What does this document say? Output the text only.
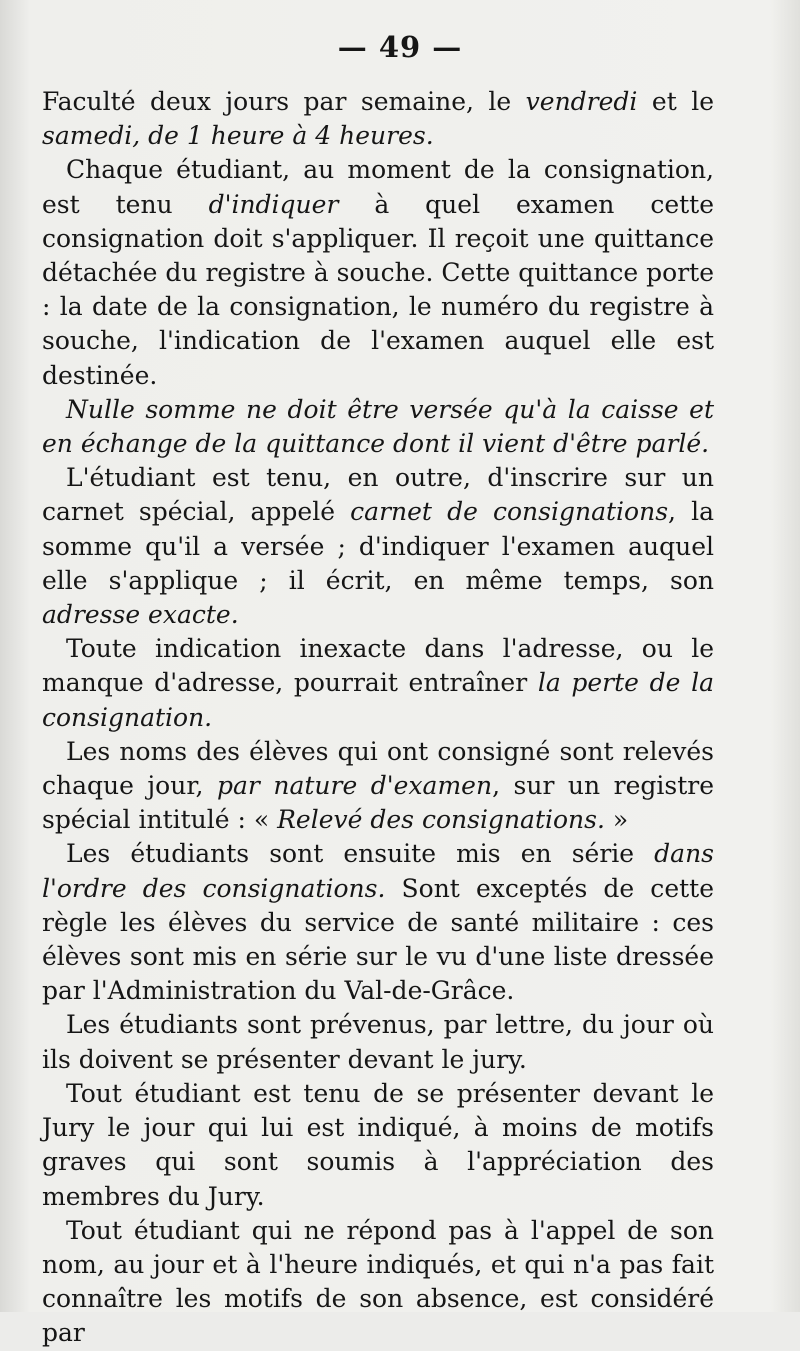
— 49 —

Faculté deux jours par semaine, le vendredi et le samedi, de 1 heure à 4 heures.

Chaque étudiant, au moment de la consignation, est tenu d'indiquer à quel examen cette consignation doit s'appliquer. Il reçoit une quittance détachée du registre à souche. Cette quittance porte : la date de la consignation, le numéro du registre à souche, l'indication de l'examen auquel elle est destinée.

Nulle somme ne doit être versée qu'à la caisse et en échange de la quittance dont il vient d'être parlé.

L'étudiant est tenu, en outre, d'inscrire sur un carnet spécial, appelé carnet de consignations, la somme qu'il a versée ; d'indiquer l'examen auquel elle s'applique ; il écrit, en même temps, son adresse exacte.

Toute indication inexacte dans l'adresse, ou le manque d'adresse, pourrait entraîner la perte de la consignation.

Les noms des élèves qui ont consigné sont relevés chaque jour, par nature d'examen, sur un registre spécial intitulé : « Relevé des consignations. »

Les étudiants sont ensuite mis en série dans l'ordre des consignations. Sont exceptés de cette règle les élèves du service de santé militaire : ces élèves sont mis en série sur le vu d'une liste dressée par l'Administration du Val-de-Grâce.

Les étudiants sont prévenus, par lettre, du jour où ils doivent se présenter devant le jury.

Tout étudiant est tenu de se présenter devant le Jury le jour qui lui est indiqué, à moins de motifs graves qui sont soumis à l'appréciation des membres du Jury.

Tout étudiant qui ne répond pas à l'appel de son nom, au jour et à l'heure indiqués, et qui n'a pas fait connaître les motifs de son absence, est considéré par
